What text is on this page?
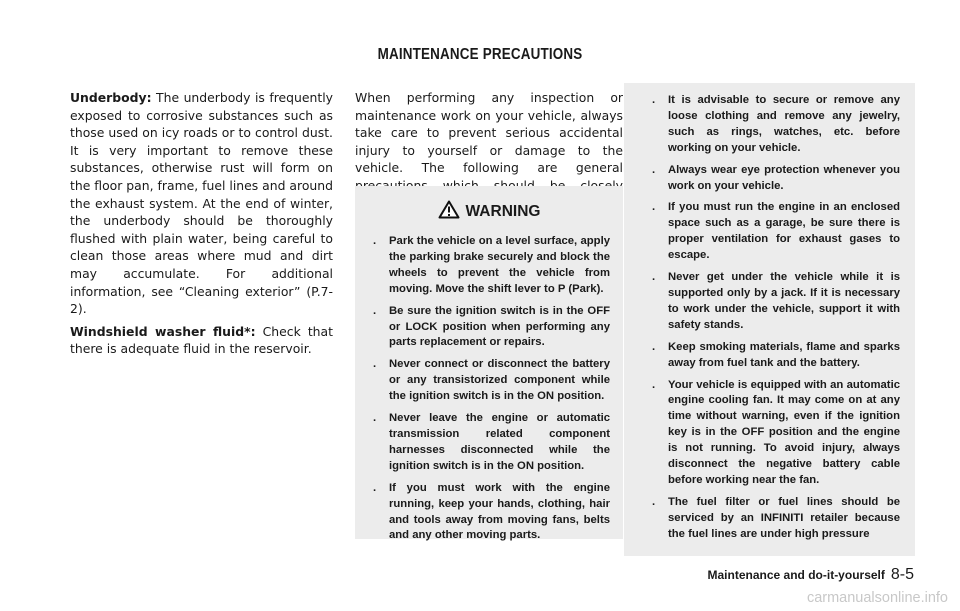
MAINTENANCE PRECAUTIONS

Underbody: The underbody is frequently exposed to corrosive substances such as those used on icy roads or to control dust. It is very important to remove these substances, otherwise rust will form on the floor pan, frame, fuel lines and around the exhaust system. At the end of winter, the underbody should be thoroughly flushed with plain water, being careful to clean those areas where mud and dirt may accumulate. For additional information, see “Cleaning exterior” (P.7-2).

Windshield washer fluid*: Check that there is adequate fluid in the reservoir.

When performing any inspection or maintenance work on your vehicle, always take care to prevent serious accidental injury to yourself or damage to the vehicle. The following are general

WARNING
. Park the vehicle on a level surface, apply the parking brake securely and block the wheels to prevent the vehicle from moving. Move the shift lever to P (Park).
. Be sure the ignition switch is in the OFF or LOCK position when performing any parts replacement or repairs.
. Never connect or disconnect the battery or any transistorized component while the ignition switch is in the ON position.
. Never leave the engine or automatic transmission related component harnesses disconnected while the ignition switch is in the ON position.
. If you must work with the engine running, keep your hands, clothing, hair and tools away from moving fans, belts and any other moving parts.
. It is advisable to secure or remove any loose clothing and remove any jewelry, such as rings, watches, etc. before working on your vehicle.
. Always wear eye protection whenever you work on your vehicle.
. If you must run the engine in an enclosed space such as a garage, be sure there is proper ventilation for exhaust gases to escape.
. Never get under the vehicle while it is supported only by a jack. If it is necessary to work under the vehicle, support it with safety stands.
. Keep smoking materials, flame and sparks away from fuel tank and the battery.
. Your vehicle is equipped with an automatic engine cooling fan. It may come on at any time without warning, even if the ignition key is in the OFF position and the engine is not running. To avoid injury, always disconnect the negative battery cable before working near the fan.
. The fuel filter or fuel lines should be serviced by an INFINITI retailer because the fuel lines are under high pressure
Maintenance and do-it-yourself 8-5
carmanualsonline.info
